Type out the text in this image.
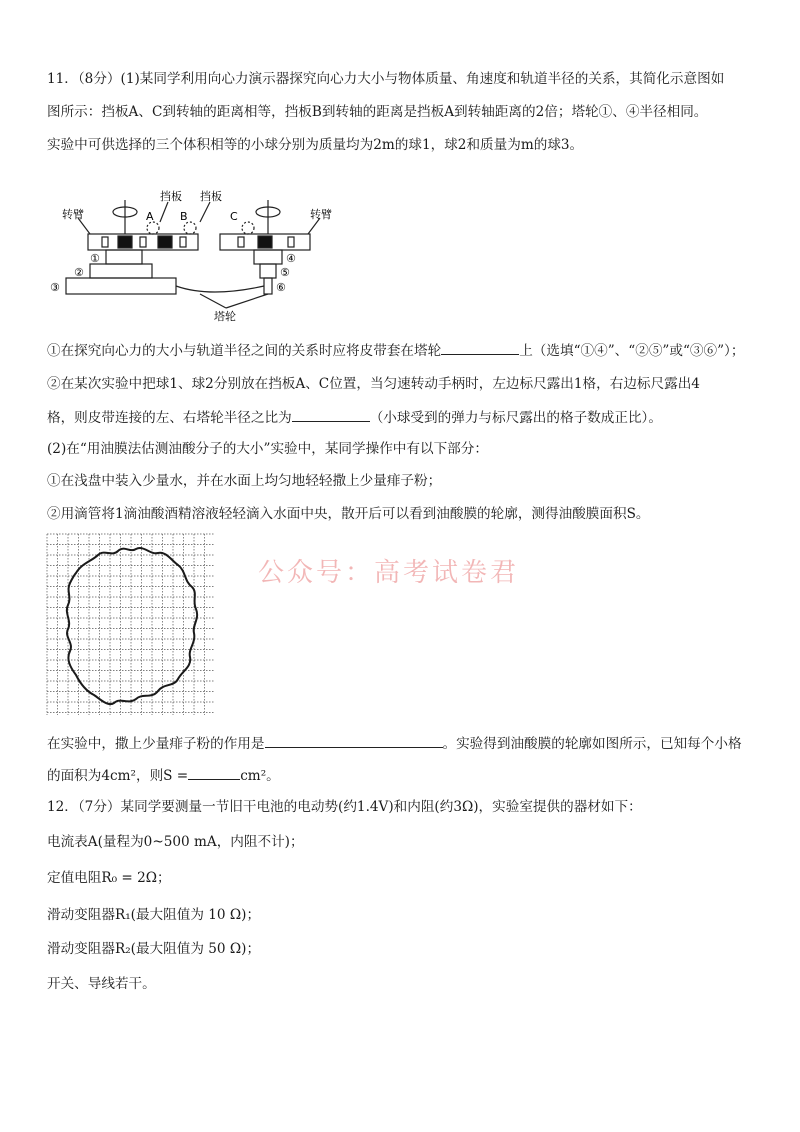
11．（8分）(1)某同学利用向心力演示器探究向心力大小与物体质量、角速度和轨道半径的关系，其简化示意图如
图所示：挡板A、C到转轴的距离相等，挡板B到转轴的距离是挡板A到转轴距离的2倍；塔轮①、④半径相同。
实验中可供选择的三个体积相等的小球分别为质量均为2m的球1，球2和质量为m的球3。
转臂	转臂
挡板 挡板
A B	C
①
②
③
④
⑤
⑥
塔轮
①在探究向心力的大小与轨道半径之间的关系时应将皮带套在塔轮	上（选填“①④”、“②⑤”或“③⑥”）；
②在某次实验中把球1、球2分别放在挡板A、C位置，当匀速转动手柄时，左边标尺露出1格，右边标尺露出4
格，则皮带连接的左、右塔轮半径之比为	（小球受到的弹力与标尺露出的格子数成正比）。
(2)在“用油膜法估测油酸分子的大小”实验中，某同学操作中有以下部分：
①在浅盘中装入少量水，并在水面上均匀地轻轻撒上少量痱子粉；
②用滴管将1滴油酸酒精溶液轻轻滴入水面中央，散开后可以看到油酸膜的轮廓，测得油酸膜面积S。
公众号：高考试卷君
在实验中，撒上少量痱子粉的作用是	。实验得到油酸膜的轮廓如图所示，已知每个小格
的面积为4cm²，则S =	cm²。
12．（7分）某同学要测量一节旧干电池的电动势(约1.4V)和内阻(约3Ω)，实验室提供的器材如下：
电流表A(量程为0~500 mA，内阻不计)；
定值电阻R₀ = 2Ω；
滑动变阻器R₁(最大阻值为 10 Ω)；
滑动变阻器R₂(最大阻值为 50 Ω)；
开关、导线若干。
